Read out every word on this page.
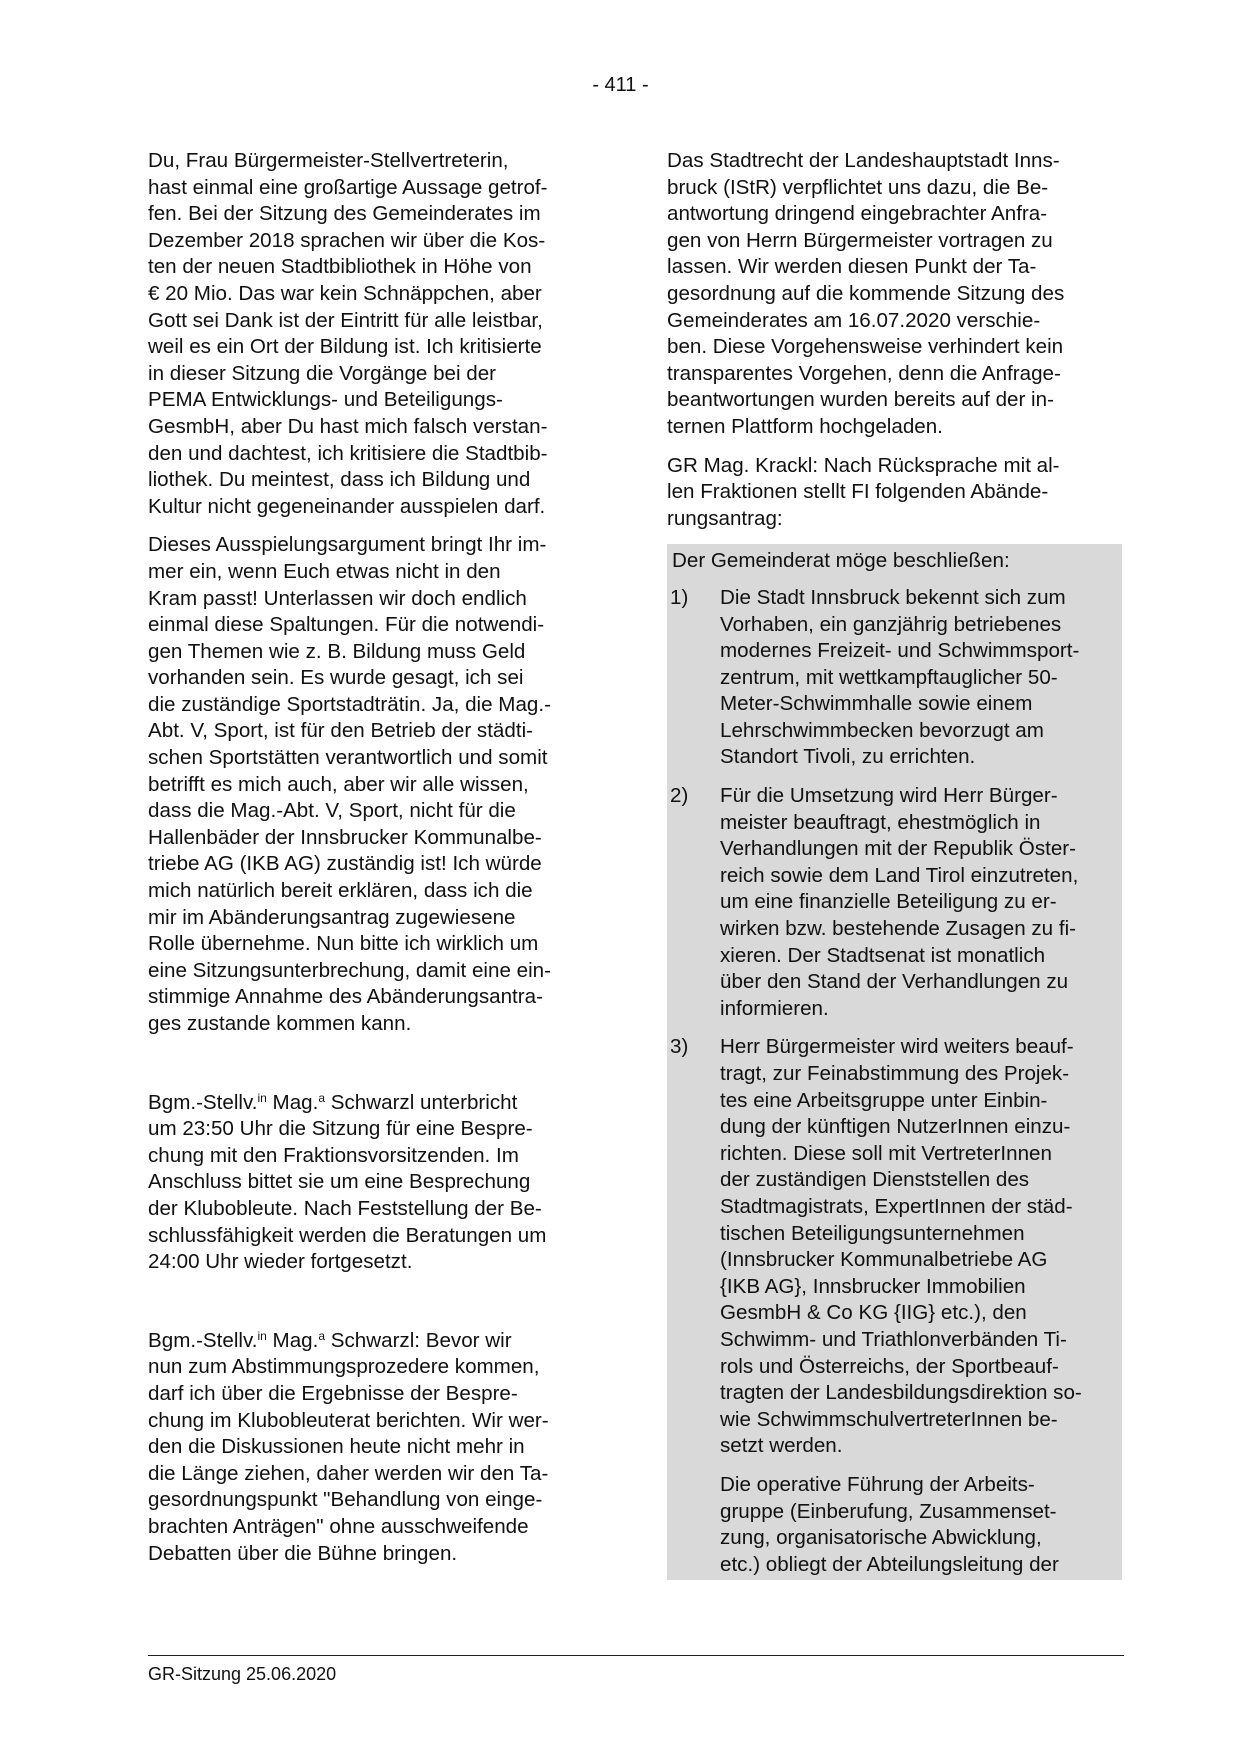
- 411 -
Du, Frau Bürgermeister-Stellvertreterin,
hast einmal eine großartige Aussage getrof-
fen. Bei der Sitzung des Gemeinderates im
Dezember 2018 sprachen wir über die Kos-
ten der neuen Stadtbibliothek in Höhe von
€ 20 Mio. Das war kein Schnäppchen, aber
Gott sei Dank ist der Eintritt für alle leistbar,
weil es ein Ort der Bildung ist. Ich kritisierte
in dieser Sitzung die Vorgänge bei der
PEMA Entwicklungs- und Beteiligungs-
GesmbH, aber Du hast mich falsch verstan-
den und dachtest, ich kritisiere die Stadtbib-
liothek. Du meintest, dass ich Bildung und
Kultur nicht gegeneinander ausspielen darf.
Dieses Ausspielungsargument bringt Ihr im-
mer ein, wenn Euch etwas nicht in den
Kram passt! Unterlassen wir doch endlich
einmal diese Spaltungen. Für die notwendi-
gen Themen wie z. B. Bildung muss Geld
vorhanden sein. Es wurde gesagt, ich sei
die zuständige Sportstadträtin. Ja, die Mag.-
Abt. V, Sport, ist für den Betrieb der städti-
schen Sportstätten verantwortlich und somit
betrifft es mich auch, aber wir alle wissen,
dass die Mag.-Abt. V, Sport, nicht für die
Hallenbäder der Innsbrucker Kommunalbe-
triebe AG (IKB AG) zuständig ist! Ich würde
mich natürlich bereit erklären, dass ich die
mir im Abänderungsantrag zugewiesene
Rolle übernehme. Nun bitte ich wirklich um
eine Sitzungsunterbrechung, damit eine ein-
stimmige Annahme des Abänderungsantra-
ges zustande kommen kann.
Bgm.-Stellv.$^{in}$ Mag.$^a$ Schwarzl unterbricht
um 23:50 Uhr die Sitzung für eine Bespre-
chung mit den Fraktionsvorsitzenden. Im
Anschluss bittet sie um eine Besprechung
der Klubobleute. Nach Feststellung der Be-
schlussfähigkeit werden die Beratungen um
24:00 Uhr wieder fortgesetzt.
Bgm.-Stellv.$^{in}$ Mag.$^a$ Schwarzl: Bevor wir
nun zum Abstimmungsprozedere kommen,
darf ich über die Ergebnisse der Bespre-
chung im Klubobleuterat berichten. Wir wer-
den die Diskussionen heute nicht mehr in
die Länge ziehen, daher werden wir den Ta-
gesordnungspunkt "Behandlung von einge-
brachten Anträgen" ohne ausschweifende
Debatten über die Bühne bringen.
Das Stadtrecht der Landeshauptstadt Inns-
bruck (IStR) verpflichtet uns dazu, die Be-
antwortung dringend eingebrachter Anfra-
gen von Herrn Bürgermeister vortragen zu
lassen. Wir werden diesen Punkt der Ta-
gesordnung auf die kommende Sitzung des
Gemeinderates am 16.07.2020 verschie-
ben. Diese Vorgehensweise verhindert kein
transparentes Vorgehen, denn die Anfrage-
beantwortungen wurden bereits auf der in-
ternen Plattform hochgeladen.
GR Mag. Krackl: Nach Rücksprache mit al-
len Fraktionen stellt FI folgenden Abände-
rungsantrag:
Der Gemeinderat möge beschließen:
1)	Die Stadt Innsbruck bekennt sich zum
Vorhaben, ein ganzjährig betriebenes
modernes Freizeit- und Schwimmsport-
zentrum, mit wettkampftauglicher 50-
Meter-Schwimmhalle sowie einem
Lehrschwimmbecken bevorzugt am
Standort Tivoli, zu errichten.
2)	Für die Umsetzung wird Herr Bürger-
meister beauftragt, ehestmöglich in
Verhandlungen mit der Republik Öster-
reich sowie dem Land Tirol einzutreten,
um eine finanzielle Beteiligung zu er-
wirken bzw. bestehende Zusagen zu fi-
xieren. Der Stadtsenat ist monatlich
über den Stand der Verhandlungen zu
informieren.
3)	Herr Bürgermeister wird weiters beauf-
tragt, zur Feinabstimmung des Projek-
tes eine Arbeitsgruppe unter Einbin-
dung der künftigen NutzerInnen einzu-
richten. Diese soll mit VertreterInnen
der zuständigen Dienststellen des
Stadtmagistrats, ExpertInnen der städ-
tischen Beteiligungsunternehmen
(Innsbrucker Kommunalbetriebe AG
{IKB AG}, Innsbrucker Immobilien
GesmbH & Co KG {IIG} etc.), den
Schwimm- und Triathlonverbänden Ti-
rols und Österreichs, der Sportbeauf-
tragten der Landesbildungsdirektion so-
wie SchwimmschulvertreterInnen be-
setzt werden.
Die operative Führung der Arbeits-
gruppe (Einberufung, Zusammenset-
zung, organisatorische Abwicklung,
etc.) obliegt der Abteilungsleitung der
GR-Sitzung 25.06.2020
